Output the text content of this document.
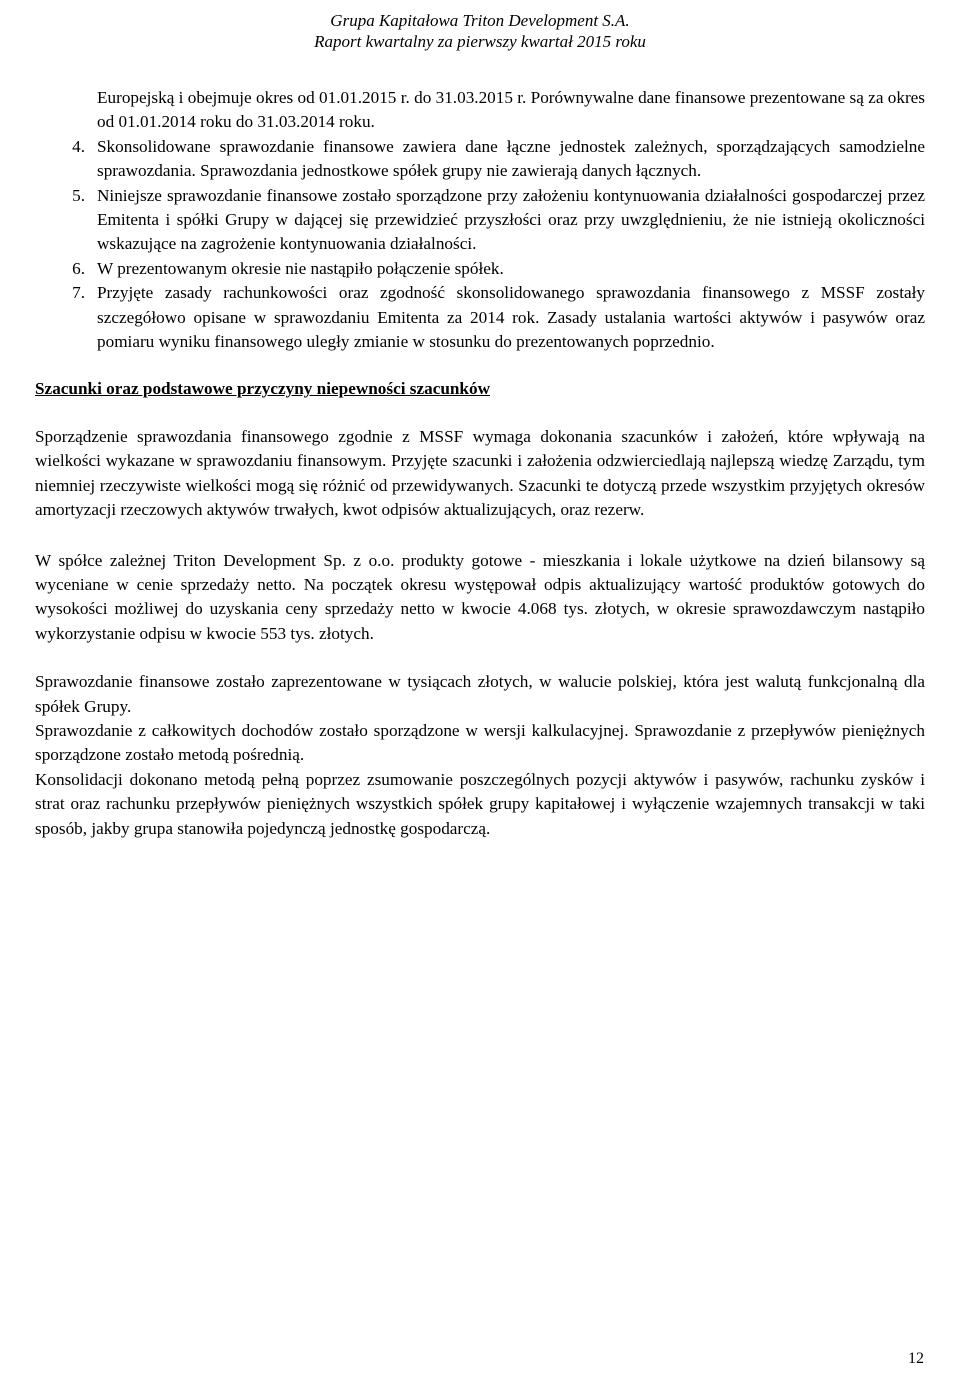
Grupa Kapitałowa Triton Development S.A.
Raport kwartalny za pierwszy kwartał 2015 roku
Europejską i obejmuje okres od 01.01.2015 r. do 31.03.2015 r. Porównywalne dane finansowe prezentowane są za okres od 01.01.2014 roku do 31.03.2014 roku.
4. Skonsolidowane sprawozdanie finansowe zawiera dane łączne jednostek zależnych, sporządzających samodzielne sprawozdania. Sprawozdania jednostkowe spółek grupy nie zawierają danych łącznych.
5. Niniejsze sprawozdanie finansowe zostało sporządzone przy założeniu kontynuowania działalności gospodarczej przez Emitenta i spółki Grupy w dającej się przewidzieć przyszłości oraz przy uwzględnieniu, że nie istnieją okoliczności wskazujące na zagrożenie kontynuowania działalności.
6. W prezentowanym okresie nie nastąpiło połączenie spółek.
7. Przyjęte zasady rachunkowości oraz zgodność skonsolidowanego sprawozdania finansowego z MSSF zostały szczegółowo opisane w sprawozdaniu Emitenta za 2014 rok. Zasady ustalania wartości aktywów i pasywów oraz pomiaru wyniku finansowego uległy zmianie w stosunku do prezentowanych poprzednio.
Szacunki oraz podstawowe przyczyny niepewności szacunków

Sporządzenie sprawozdania finansowego zgodnie z MSSF wymaga dokonania szacunków i założeń, które wpływają na wielkości wykazane w sprawozdaniu finansowym. Przyjęte szacunki i założenia odzwierciedlają najlepszą wiedzę Zarządu, tym niemniej rzeczywiste wielkości mogą się różnić od przewidywanych. Szacunki te dotyczą przede wszystkim przyjętych okresów amortyzacji rzeczowych aktywów trwałych, kwot odpisów aktualizujących, oraz rezerw.

W spółce zależnej Triton Development Sp. z o.o. produkty gotowe - mieszkania i lokale użytkowe na dzień bilansowy są wyceniane w cenie sprzedaży netto. Na początek okresu występował odpis aktualizujący wartość produktów gotowych do wysokości możliwej do uzyskania ceny sprzedaży netto w kwocie 4.068 tys. złotych, w okresie sprawozdawczym nastąpiło wykorzystanie odpisu w kwocie 553 tys. złotych.

Sprawozdanie finansowe zostało zaprezentowane w tysiącach złotych, w walucie polskiej, która jest walutą funkcjonalną dla spółek Grupy.

Sprawozdanie z całkowitych dochodów zostało sporządzone w wersji kalkulacyjnej. Sprawozdanie z przepływów pieniężnych sporządzone zostało metodą pośrednią.

Konsolidacji dokonano metodą pełną poprzez zsumowanie poszczególnych pozycji aktywów i pasywów, rachunku zysków i strat oraz rachunku przepływów pieniężnych wszystkich spółek grupy kapitałowej i wyłączenie wzajemnych transakcji w taki sposób, jakby grupa stanowiła pojedynczą jednostkę gospodarczą.

12
